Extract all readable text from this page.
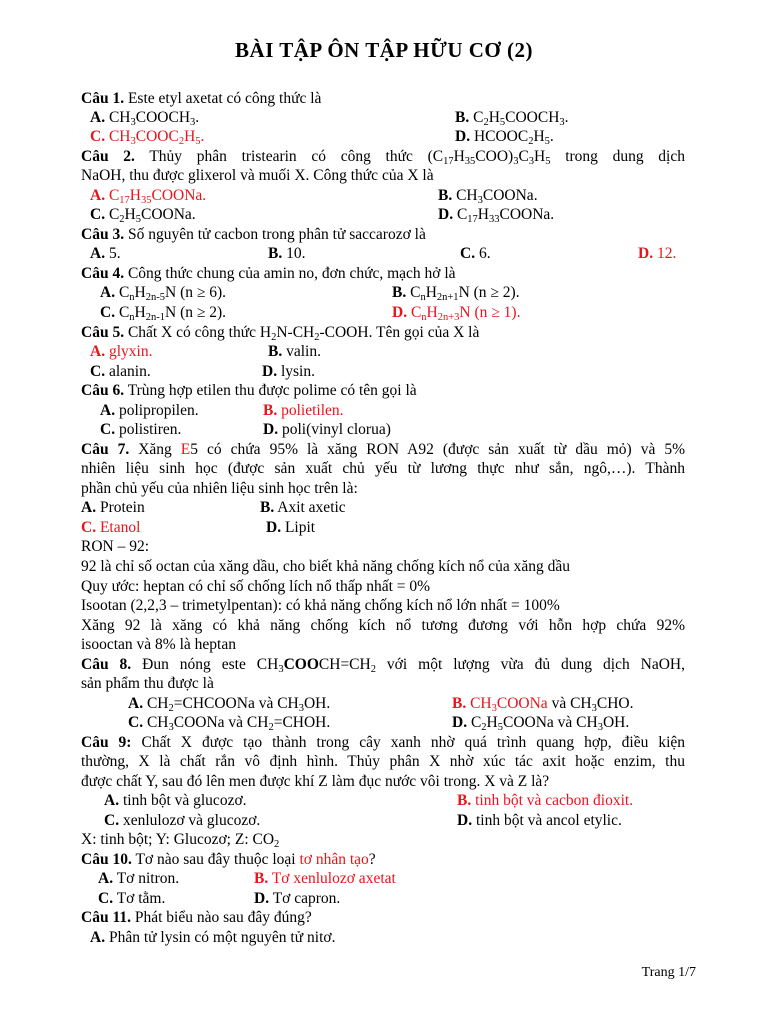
BÀI TẬP ÔN TẬP HỮU CƠ (2)
Câu 1. Este etyl axetat có công thức là
A. $CH_3COOCH_3$.	B. $C_2H_5COOCH_3$.
C. $CH_3COOC_2H_5$.	D. $HCOOC_2H_5$.
Câu 2. Thủy phân tristearin có công thức $(C_{17}H_{35}COO)_3C_3H_5$ trong dung dịch
NaOH, thu được glixerol và muối X. Công thức của X là
A. $C_{17}H_{35}COONa$.	B. $CH_3COONa$.
C. $C_2H_5COONa$.	D. $C_{17}H_{33}COONa$.
Câu 3. Số nguyên tử cacbon trong phân tử saccarozơ là
A. 5.	B. 10.	C. 6.	D. 12.
Câu 4. Công thức chung của amin no, đơn chức, mạch hở là
A. $C_nH_{2n-5}N$ (n ≥ 6).	B. $C_nH_{2n+1}N$ (n ≥ 2).
C. $C_nH_{2n-1}N$ (n ≥ 2).	D. $C_nH_{2n+3}N$ (n ≥ 1).
Câu 5. Chất X có công thức $H_2N-CH_2$-COOH. Tên gọi của X là
A. glyxin.	B. valin.
C. alanin.	D. lysin.
Câu 6. Trùng hợp etilen thu được polime có tên gọi là
A. polipropilen.	B. polietilen.
C. polistiren.	D. poli(vinyl clorua)
Câu 7. Xăng E5 có chứa 95% là xăng RON A92 (được sản xuất từ dầu mỏ) và 5%
nhiên liệu sinh học (được sản xuất chủ yếu từ lương thực như sắn, ngô,…). Thành
phần chủ yếu của nhiên liệu sinh học trên là:
A. Protein	B. Axit axetic
C. Etanol	D. Lipit
RON – 92:
92 là chỉ số octan của xăng dầu, cho biết khả năng chống kích nổ của xăng dầu
Quy ước: heptan có chỉ số chống lích nổ thấp nhất = 0%
Isootan (2,2,3 – trimetylpentan): có khả năng chống kích nổ lớn nhất = 100%
Xăng 92 là xăng có khả năng chống kích nổ tương đương với hỗn hợp chứa 92%
isooctan và 8% là heptan
Câu 8. Đun nóng este $CH_3COOCH=CH_2$ với một lượng vừa đủ dung dịch NaOH,
sản phẩm thu được là
A. $CH_2=CHCOONa$ và $CH_3OH$.	B. $CH_3COONa$ và $CH_3CHO$.
C. $CH_3COONa$ và $CH_2=CHOH$.	D. $C_2H_5COONa$ và $CH_3OH$.
Câu 9: Chất X được tạo thành trong cây xanh nhờ quá trình quang hợp, điều kiện
thường, X là chất rắn vô định hình. Thủy phân X nhờ xúc tác axit hoặc enzim, thu
được chất Y, sau đó lên men được khí Z làm đục nước vôi trong. X và Z là?
A. tinh bột và glucozơ.	B. tinh bột và cacbon đioxit.
C. xenlulozơ và glucozơ.	D. tinh bột và ancol etylic.
X: tinh bột; Y: Glucozơ; Z: $CO_2$
Câu 10. Tơ nào sau đây thuộc loại tơ nhân tạo?
A. Tơ nitron.	B. Tơ xenlulozơ axetat
C. Tơ tằm.	D. Tơ capron.
Câu 11. Phát biểu nào sau đây đúng?
A. Phân tử lysin có một nguyên tử nitơ.
Trang 1/7
